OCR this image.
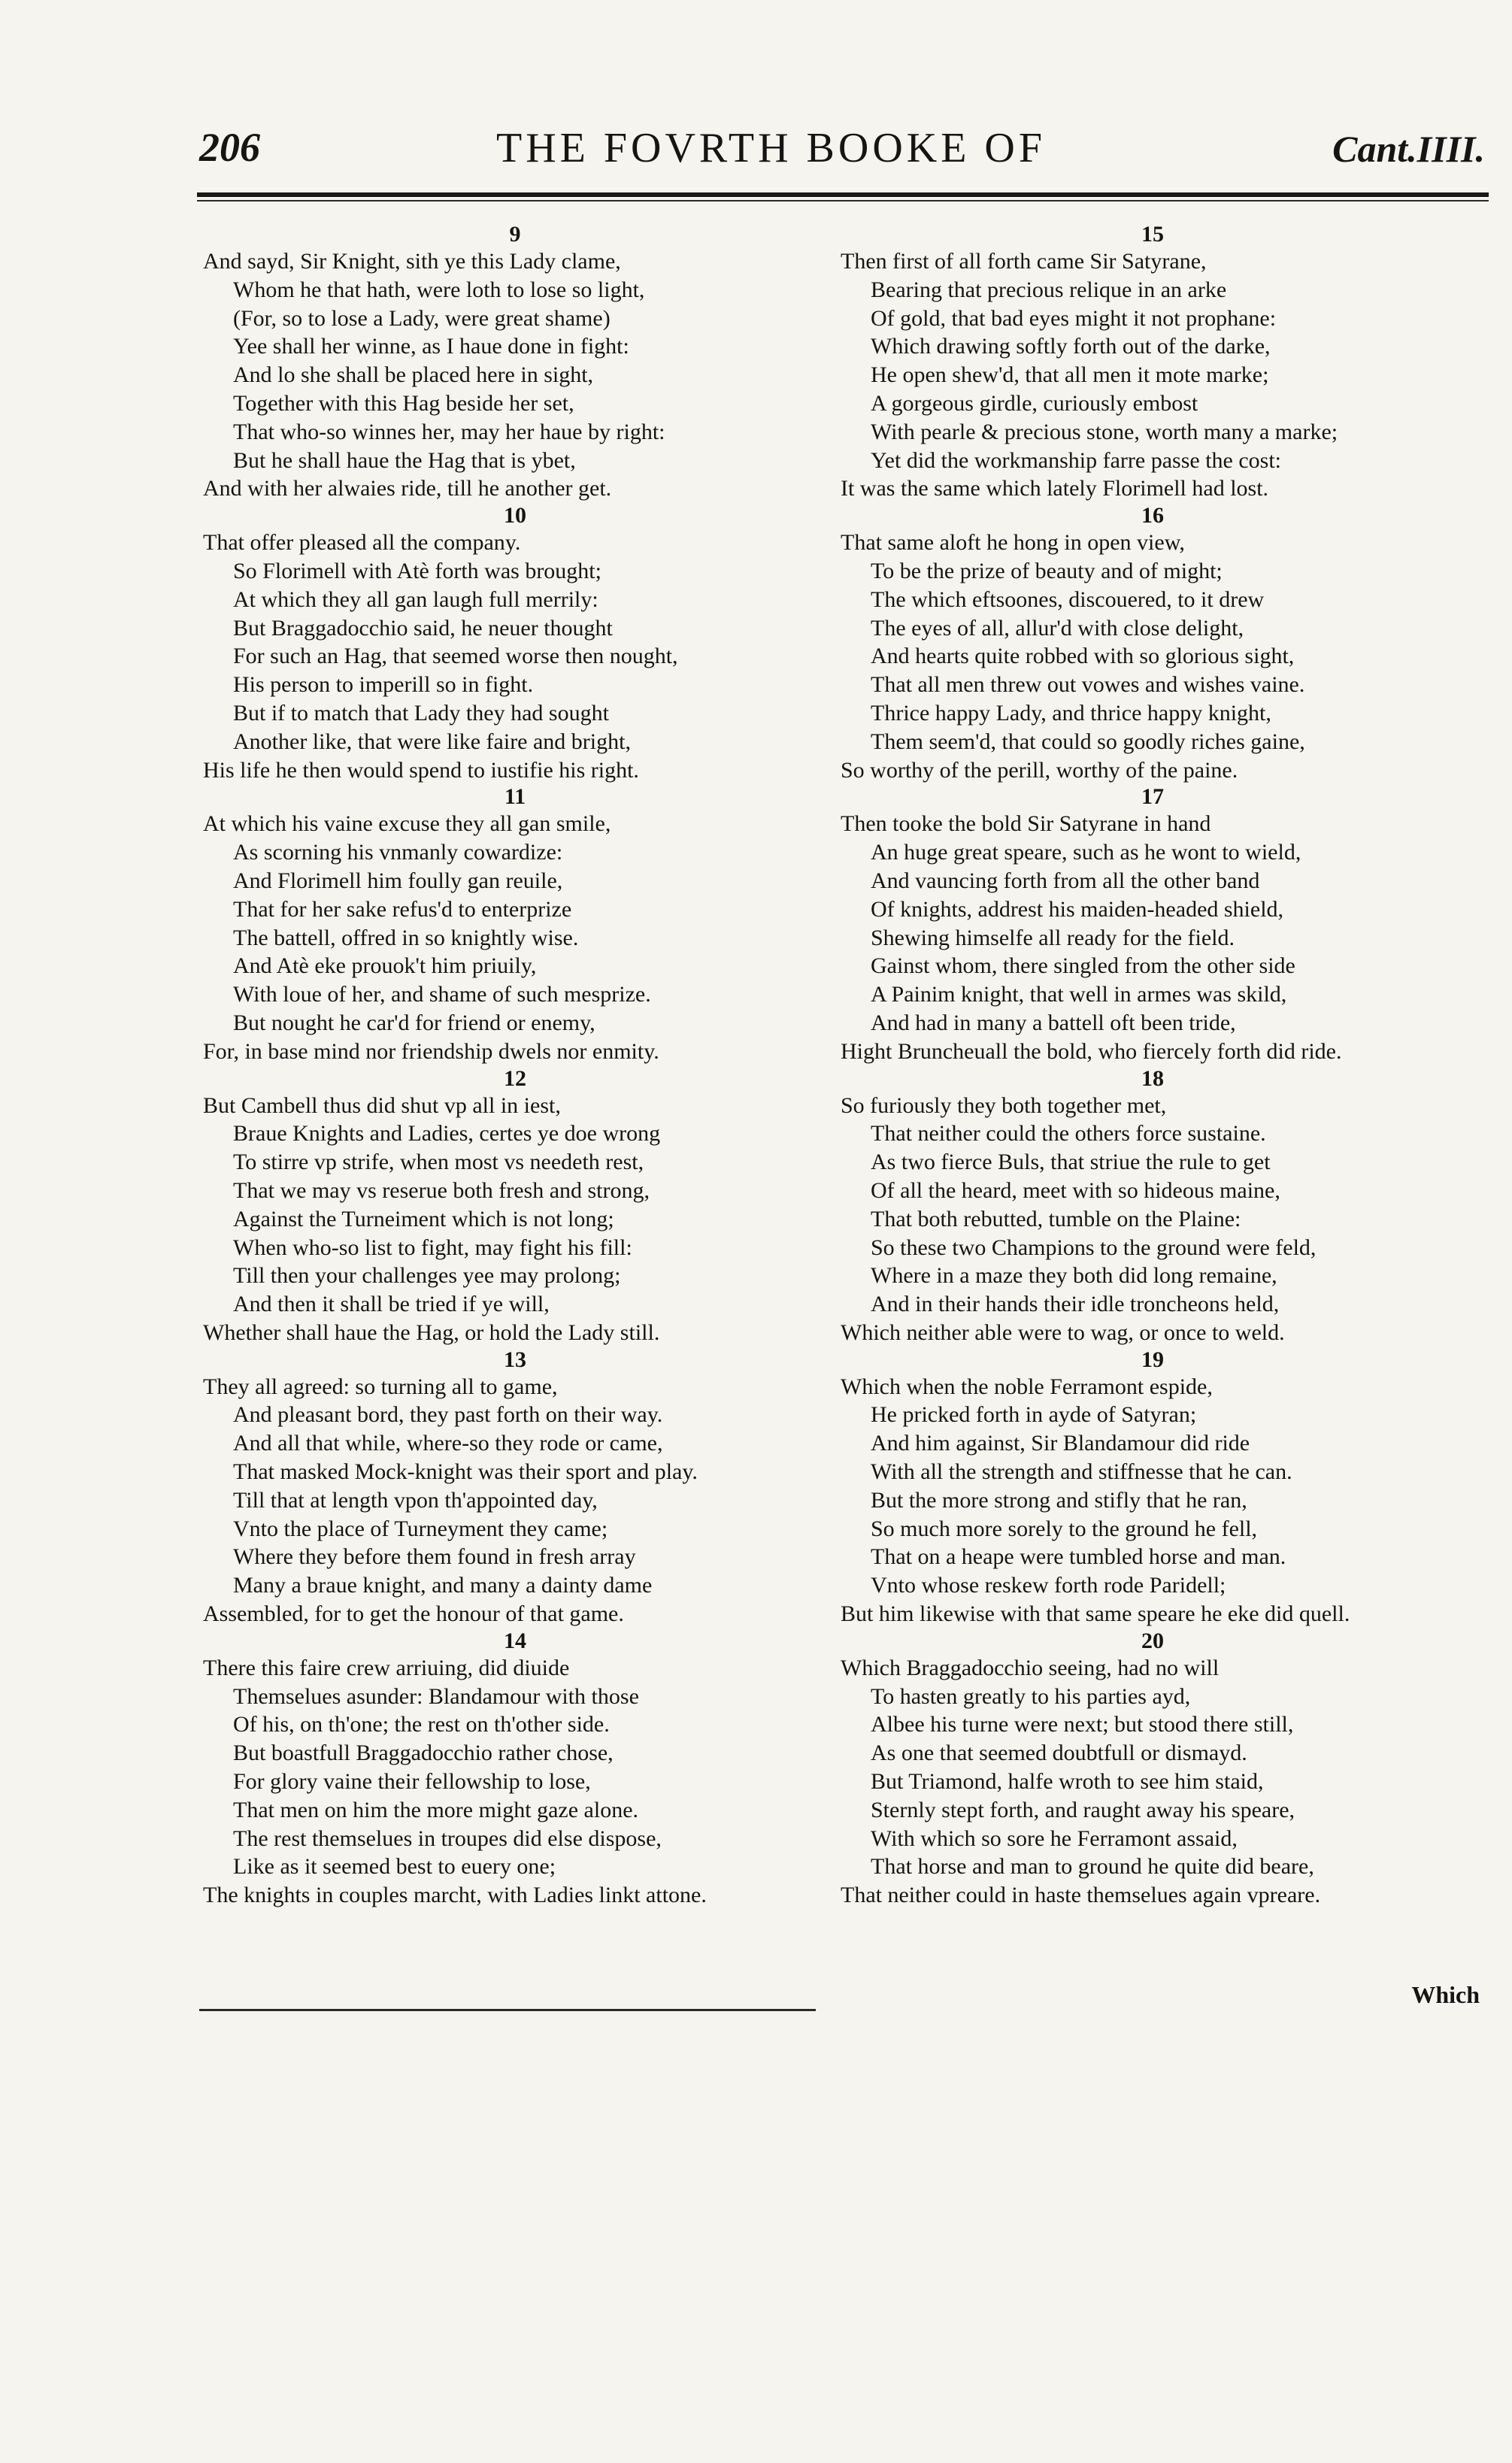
206	THE FOVRTH BOOKE OF	Cant.IIII.
9
And sayd, Sir Knight, sith ye this Lady clame,
Whom he that hath, were loth to lose so light,
(For, so to lose a Lady, were great shame)
Yee shall her winne, as I haue done in fight:
And lo she shall be placed here in sight,
Together with this Hag beside her set,
That who-so winnes her, may her haue by right:
But he shall haue the Hag that is ybet,
And with her alwaies ride, till he another get.
10
That offer pleased all the company.
So Florimell with Atè forth was brought;
At which they all gan laugh full merrily:
But Braggadocchio said, he neuer thought
For such an Hag, that seemed worse then nought,
His person to imperill so in fight.
But if to match that Lady they had sought
Another like, that were like faire and bright,
His life he then would spend to iustifie his right.
11
At which his vaine excuse they all gan smile,
As scorning his vnmanly cowardize:
And Florimell him foully gan reuile,
That for her sake refus'd to enterprize
The battell, offred in so knightly wise.
And Atè eke prouok't him priuily,
With loue of her, and shame of such mesprize.
But nought he car'd for friend or enemy,
For, in base mind nor friendship dwels nor enmity.
12
But Cambell thus did shut vp all in iest,
Braue Knights and Ladies, certes ye doe wrong
To stirre vp strife, when most vs needeth rest,
That we may vs reserue both fresh and strong,
Against the Turneiment which is not long;
When who-so list to fight, may fight his fill:
Till then your challenges yee may prolong;
And then it shall be tried if ye will,
Whether shall haue the Hag, or hold the Lady still.
13
They all agreed: so turning all to game,
And pleasant bord, they past forth on their way.
And all that while, where-so they rode or came,
That masked Mock-knight was their sport and play.
Till that at length vpon th'appointed day,
Vnto the place of Turneyment they came;
Where they before them found in fresh array
Many a braue knight, and many a dainty dame
Assembled, for to get the honour of that game.
14
There this faire crew arriuing, did diuide
Themselues asunder: Blandamour with those
Of his, on th'one; the rest on th'other side.
But boastfull Braggadocchio rather chose,
For glory vaine their fellowship to lose,
That men on him the more might gaze alone.
The rest themselues in troupes did else dispose,
Like as it seemed best to euery one;
The knights in couples marcht, with Ladies linkt attone.
15
Then first of all forth came Sir Satyrane,
Bearing that precious relique in an arke
Of gold, that bad eyes might it not prophane:
Which drawing softly forth out of the darke,
He open shew'd, that all men it mote marke;
A gorgeous girdle, curiously embost
With pearle & precious stone, worth many a marke;
Yet did the workmanship farre passe the cost:
It was the same which lately Florimell had lost.
16
That same aloft he hong in open view,
To be the prize of beauty and of might;
The which eftsoones, discouered, to it drew
The eyes of all, allur'd with close delight,
And hearts quite robbed with so glorious sight,
That all men threw out vowes and wishes vaine.
Thrice happy Lady, and thrice happy knight,
Them seem'd, that could so goodly riches gaine,
So worthy of the perill, worthy of the paine.
17
Then tooke the bold Sir Satyrane in hand
An huge great speare, such as he wont to wield,
And vauncing forth from all the other band
Of knights, addrest his maiden-headed shield,
Shewing himselfe all ready for the field.
Gainst whom, there singled from the other side
A Painim knight, that well in armes was skild,
And had in many a battell oft been tride,
Hight Bruncheuall the bold, who fiercely forth did ride.
18
So furiously they both together met,
That neither could the others force sustaine.
As two fierce Buls, that striue the rule to get
Of all the heard, meet with so hideous maine,
That both rebutted, tumble on the Plaine:
So these two Champions to the ground were feld,
Where in a maze they both did long remaine,
And in their hands their idle troncheons held,
Which neither able were to wag, or once to weld.
19
Which when the noble Ferramont espide,
He pricked forth in ayde of Satyran;
And him against, Sir Blandamour did ride
With all the strength and stiffnesse that he can.
But the more strong and stifly that he ran,
So much more sorely to the ground he fell,
That on a heape were tumbled horse and man.
Vnto whose reskew forth rode Paridell;
But him likewise with that same speare he eke did quell.
20
Which Braggadocchio seeing, had no will
To hasten greatly to his parties ayd,
Albee his turne were next; but stood there still,
As one that seemed doubtfull or dismayd.
But Triamond, halfe wroth to see him staid,
Sternly stept forth, and raught away his speare,
With which so sore he Ferramont assaid,
That horse and man to ground he quite did beare,
That neither could in haste themselues again vpreare.
Which
